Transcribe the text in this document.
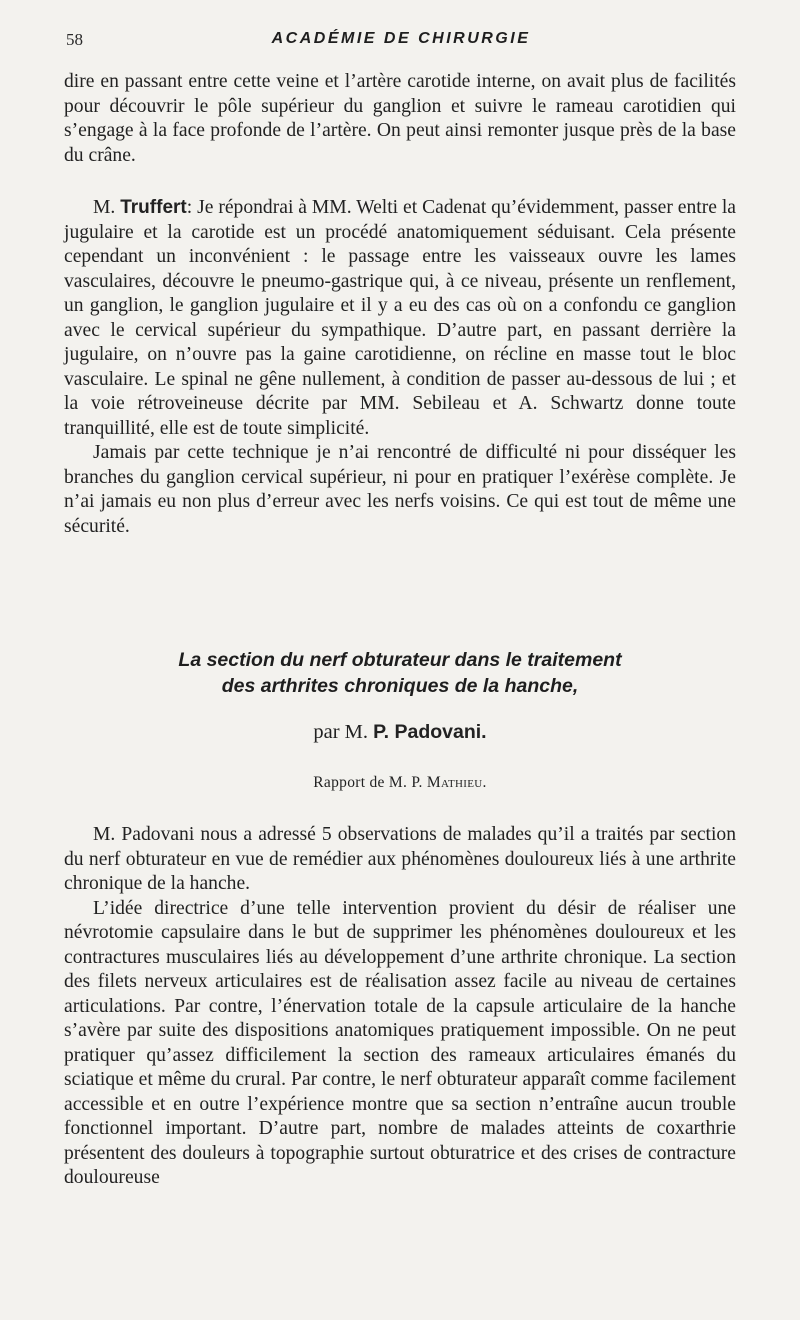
58	ACADÉMIE DE CHIRURGIE

dire en passant entre cette veine et l’artère carotide interne, on avait plus de facilités pour découvrir le pôle supérieur du ganglion et suivre le rameau carotidien qui s’engage à la face profonde de l’artère. On peut ainsi remonter jusque près de la base du crâne.

M. Truffert: Je répondrai à MM. Welti et Cadenat qu’évidemment, passer entre la jugulaire et la carotide est un procédé anatomiquement séduisant. Cela présente cependant un inconvénient : le passage entre les vaisseaux ouvre les lames vasculaires, découvre le pneumo-gastrique qui, à ce niveau, présente un renflement, un ganglion, le ganglion jugulaire et il y a eu des cas où on a confondu ce ganglion avec le cervical supérieur du sympathique. D’autre part, en passant derrière la jugulaire, on n’ouvre pas la gaine carotidienne, on récline en masse tout le bloc vasculaire. Le spinal ne gêne nullement, à condition de passer au-dessous de lui ; et la voie rétroveineuse décrite par MM. Sebileau et A. Schwartz donne toute tranquillité, elle est de toute simplicité.

Jamais par cette technique je n’ai rencontré de difficulté ni pour disséquer les branches du ganglion cervical supérieur, ni pour en pratiquer l’exérèse complète. Je n’ai jamais eu non plus d’erreur avec les nerfs voisins. Ce qui est tout de même une sécurité.

La section du nerf obturateur dans le traitement
des arthrites chroniques de la hanche,
par M. P. Padovani.
Rapport de M. P. Mathieu.

M. Padovani nous a adressé 5 observations de malades qu’il a traités par section du nerf obturateur en vue de remédier aux phénomènes douloureux liés à une arthrite chronique de la hanche.

L’idée directrice d’une telle intervention provient du désir de réaliser une névrotomie capsulaire dans le but de supprimer les phénomènes douloureux et les contractures musculaires liés au développement d’une arthrite chronique. La section des filets nerveux articulaires est de réalisation assez facile au niveau de certaines articulations. Par contre, l’énervation totale de la capsule articulaire de la hanche s’avère par suite des dispositions anatomiques pratiquement impossible. On ne peut pratiquer qu’assez difficilement la section des rameaux articulaires émanés du sciatique et même du crural. Par contre, le nerf obturateur apparaît comme facilement accessible et en outre l’expérience montre que sa section n’entraîne aucun trouble fonctionnel important. D’autre part, nombre de malades atteints de coxarthrie présentent des douleurs à topographie surtout obturatrice et des crises de contracture douloureuse
